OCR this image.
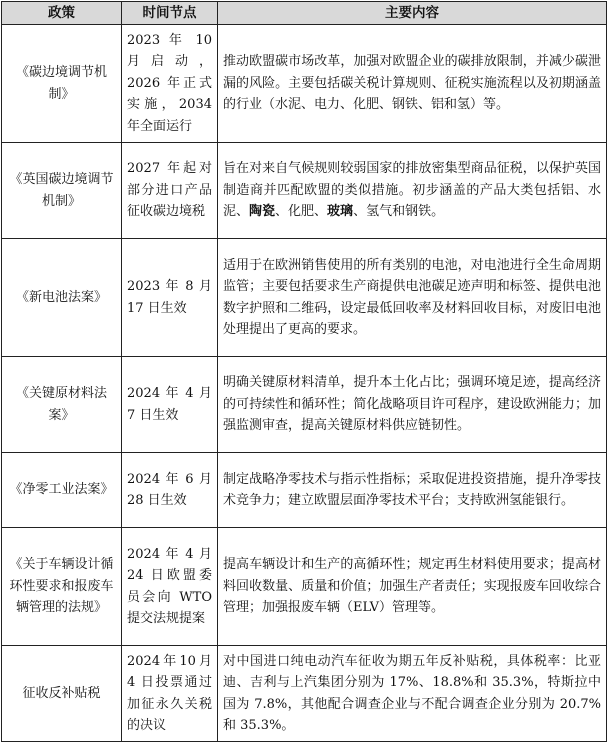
政策	时间节点	主要内容
《碳边境调节机制》	2023 年 10 月启动，2026 年正式实施，2034 年全面运行	推动欧盟碳市场改革，加强对欧盟企业的碳排放限制，并减少碳泄漏的风险。主要包括碳关税计算规则、征税实施流程以及初期涵盖的行业（水泥、电力、化肥、钢铁、铝和氢）等。
《英国碳边境调节机制》	2027 年起对部分进口产品征收碳边境税	旨在对来自气候规则较弱国家的排放密集型商品征税，以保护英国制造商并匹配欧盟的类似措施。初步涵盖的产品大类包括铝、水泥、陶瓷、化肥、玻璃、氢气和钢铁。
《新电池法案》	2023 年 8 月 17 日生效	适用于在欧洲销售使用的所有类别的电池，对电池进行全生命周期监管；主要包括要求生产商提供电池碳足迹声明和标签、提供电池数字护照和二维码，设定最低回收率及材料回收目标，对废旧电池处理提出了更高的要求。
《关键原材料法案》	2024 年 4 月 7 日生效	明确关键原材料清单，提升本土化占比；强调环境足迹，提高经济的可持续性和循环性；简化战略项目许可程序，建设欧洲能力；加强监测审查，提高关键原材料供应链韧性。
《净零工业法案》	2024 年 6 月 28 日生效	制定战略净零技术与指示性指标；采取促进投资措施，提升净零技术竞争力；建立欧盟层面净零技术平台；支持欧洲氢能银行。
《关于车辆设计循环性要求和报废车辆管理的法规》	2024 年 4 月 24 日欧盟委员会向 WTO 提交法规提案	提高车辆设计和生产的高循环性；规定再生材料使用要求；提高材料回收数量、质量和价值；加强生产者责任；实现报废车回收综合管理；加强报废车辆（ELV）管理等。
征收反补贴税	2024年10月 4 日投票通过加征永久关税的决议	对中国进口纯电动汽车征收为期五年反补贴税，具体税率：比亚迪、吉利与上汽集团分别为 17%、18.8%和 35.3%，特斯拉中国为 7.8%，其他配合调查企业与不配合调查企业分别为 20.7%和 35.3%。
